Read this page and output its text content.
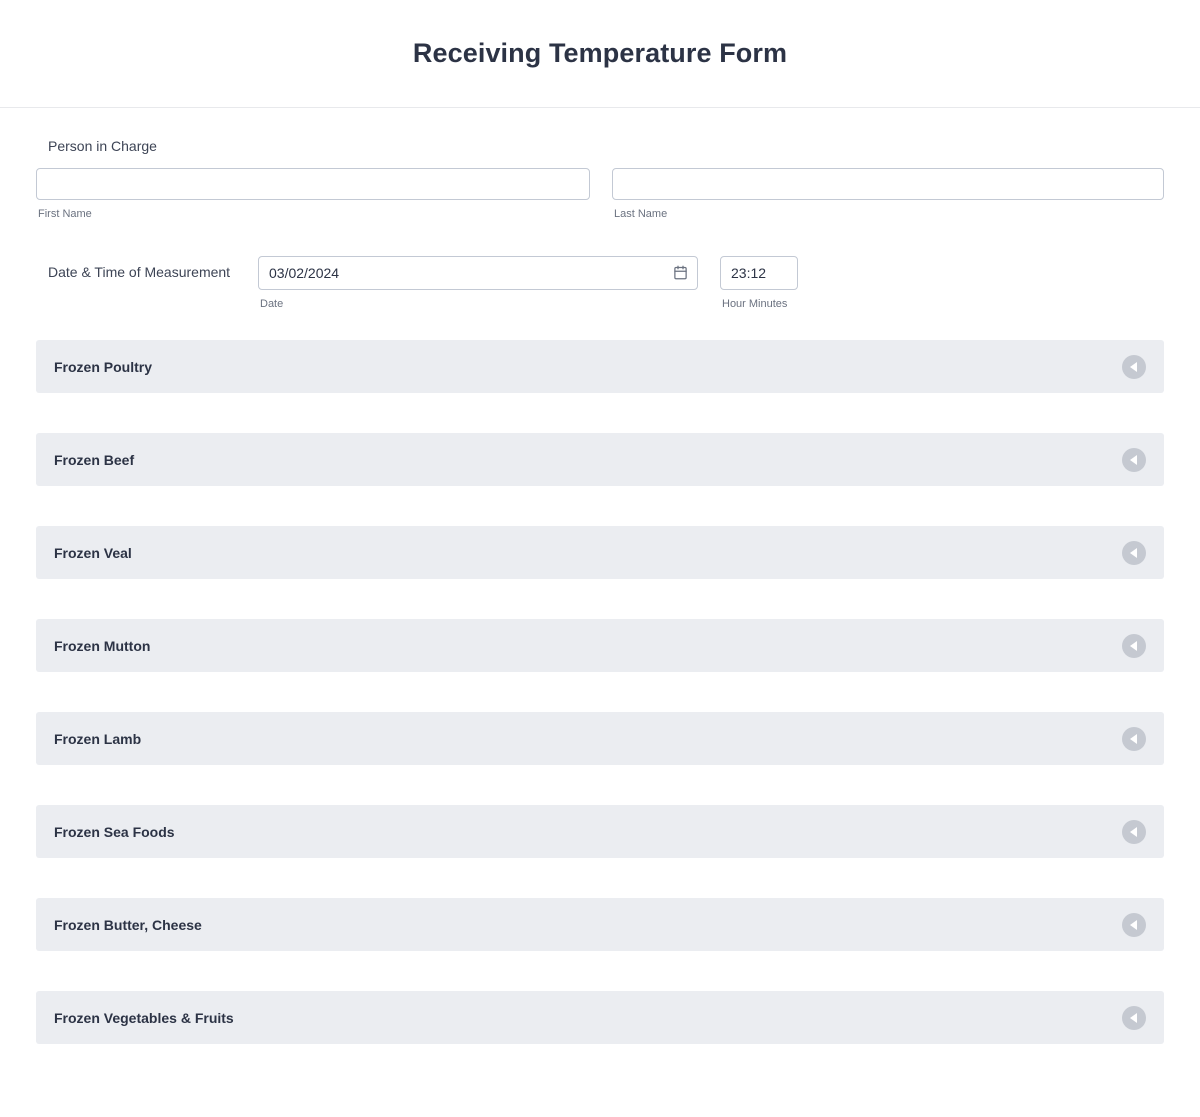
Receiving Temperature Form
Person in Charge
First Name	Last Name
Date & Time of Measurement
03/02/2024
Date
23:12	Hour Minutes
Frozen Poultry
Frozen Beef
Frozen Veal
Frozen Mutton
Frozen Lamb
Frozen Sea Foods
Frozen Butter, Cheese
Frozen Vegetables & Fruits
